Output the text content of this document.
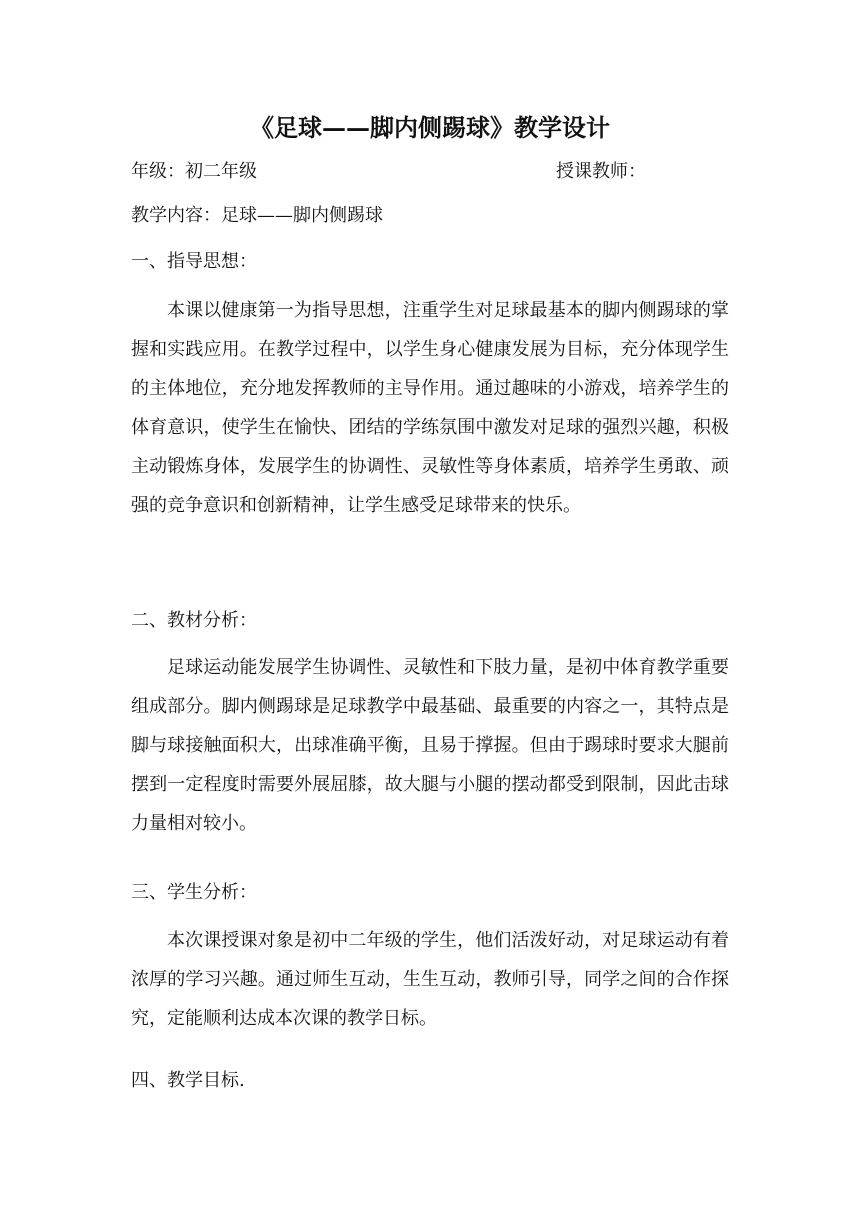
《足球——脚内侧踢球》教学设计
年级：初二年级	授课教师：
教学内容：足球——脚内侧踢球
一、指导思想：
本课以健康第一为指导思想，注重学生对足球最基本的脚内侧踢球的掌握和实践应用。在教学过程中，以学生身心健康发展为目标，充分体现学生的主体地位，充分地发挥教师的主导作用。通过趣味的小游戏，培养学生的体育意识，使学生在愉快、团结的学练氛围中激发对足球的强烈兴趣，积极主动锻炼身体，发展学生的协调性、灵敏性等身体素质，培养学生勇敢、顽强的竞争意识和创新精神，让学生感受足球带来的快乐。
二、教材分析：
足球运动能发展学生协调性、灵敏性和下肢力量，是初中体育教学重要组成部分。脚内侧踢球是足球教学中最基础、最重要的内容之一，其特点是脚与球接触面积大，出球准确平衡，且易于撑握。但由于踢球时要求大腿前摆到一定程度时需要外展屈膝，故大腿与小腿的摆动都受到限制，因此击球力量相对较小。
三、学生分析：
本次课授课对象是初中二年级的学生，他们活泼好动，对足球运动有着浓厚的学习兴趣。通过师生互动，生生互动，教师引导，同学之间的合作探究，定能顺利达成本次课的教学日标。
四、教学目标.
